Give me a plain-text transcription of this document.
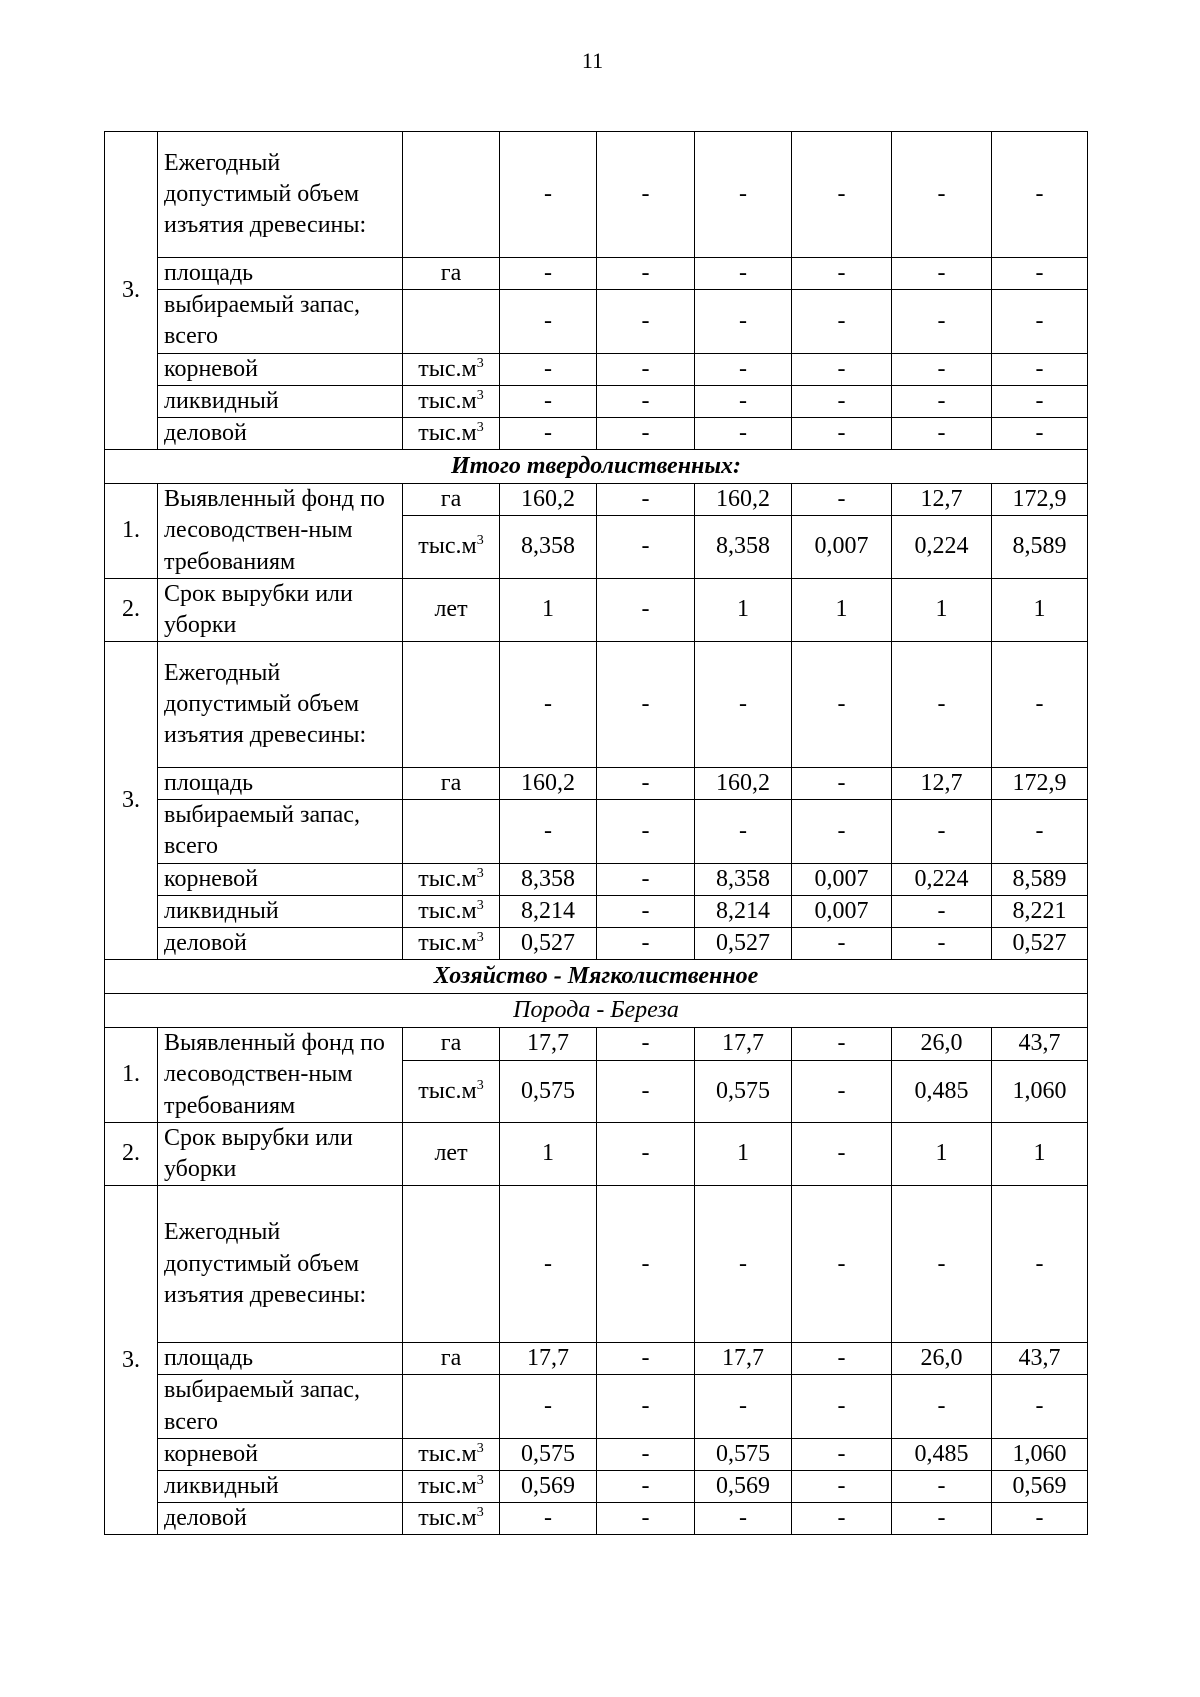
11
3.	Ежегодный допустимый объем изъятия древесины:		-	-	-	-	-	-
	площадь	га	-	-	-	-	-	-
	выбираемый запас, всего		-	-	-	-	-	-
	корневой	$тыс.м^3$	-	-	-	-	-	-
	ликвидный	$тыс.м^3$	-	-	-	-	-	-
	деловой	$тыс.м^3$	-	-	-	-	-	-
Итого твердолиственных:								
1.	Выявленный фонд по лесоводствен-ным требованиям	га	160,2	-	160,2	-	12,7	172,9
		$тыс.м^3$	8,358	-	8,358	0,007	0,224	8,589
2.	Срок вырубки или уборки	лет	1	-	1	1	1	1
3.	Ежегодный допустимый объем изъятия древесины:		-	-	-	-	-	-
	площадь	га	160,2	-	160,2	-	12,7	172,9
	выбираемый запас, всего		-	-	-	-	-	-
	корневой	$тыс.м^3$	8,358	-	8,358	0,007	0,224	8,589
	ликвидный	$тыс.м^3$	8,214	-	8,214	0,007	-	8,221
	деловой	$тыс.м^3$	0,527	-	0,527	-	-	0,527
Хозяйство - Мягколиственное								
Порода - Береза								
1.	Выявленный фонд по лесоводствен-ным требованиям	га	17,7	-	17,7	-	26,0	43,7
		$тыс.м^3$	0,575	-	0,575	-	0,485	1,060
2.	Срок вырубки или уборки	лет	1	-	1	-	1	1
3.	Ежегодный допустимый объем изъятия древесины:		-	-	-	-	-	-
	площадь	га	17,7	-	17,7	-	26,0	43,7
	выбираемый запас, всего		-	-	-	-	-	-
	корневой	$тыс.м^3$	0,575	-	0,575	-	0,485	1,060
	ликвидный	$тыс.м^3$	0,569	-	0,569	-	-	0,569
	деловой	$тыс.м^3$	-	-	-	-	-	-
